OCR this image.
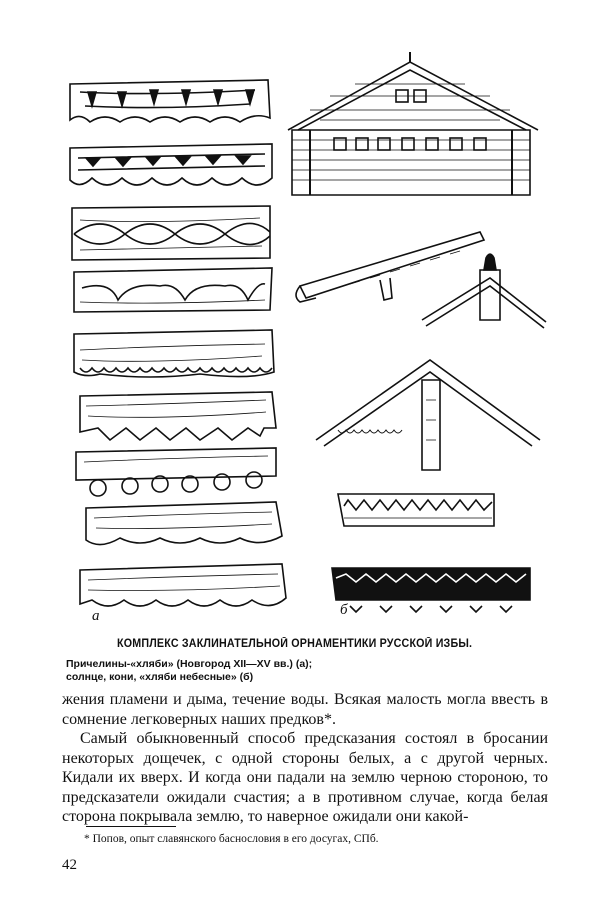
а	б
КОМПЛЕКС ЗАКЛИНАТЕЛЬНОЙ ОРНАМЕНТИКИ РУССКОЙ ИЗБЫ.
Причелины-«хляби» (Новгород XII—XV вв.) (а);
солнце, кони, «хляби небесные» (б)

жения пламени и дыма, течение воды. Всякая малость могла ввесть в сомнение легковерных наших предков*.

Самый обыкновенный способ предсказания состоял в бросании некоторых дощечек, с одной стороны белых, а с другой черных. Кидали их вверх. И когда они падали на землю черною стороною, то предсказатели ожидали счастия; а в противном случае, когда белая сторона покрывала землю, то наверное ожидали они какой-

* Попов, опыт славянского баснословия в его досугах, СПб.
42
